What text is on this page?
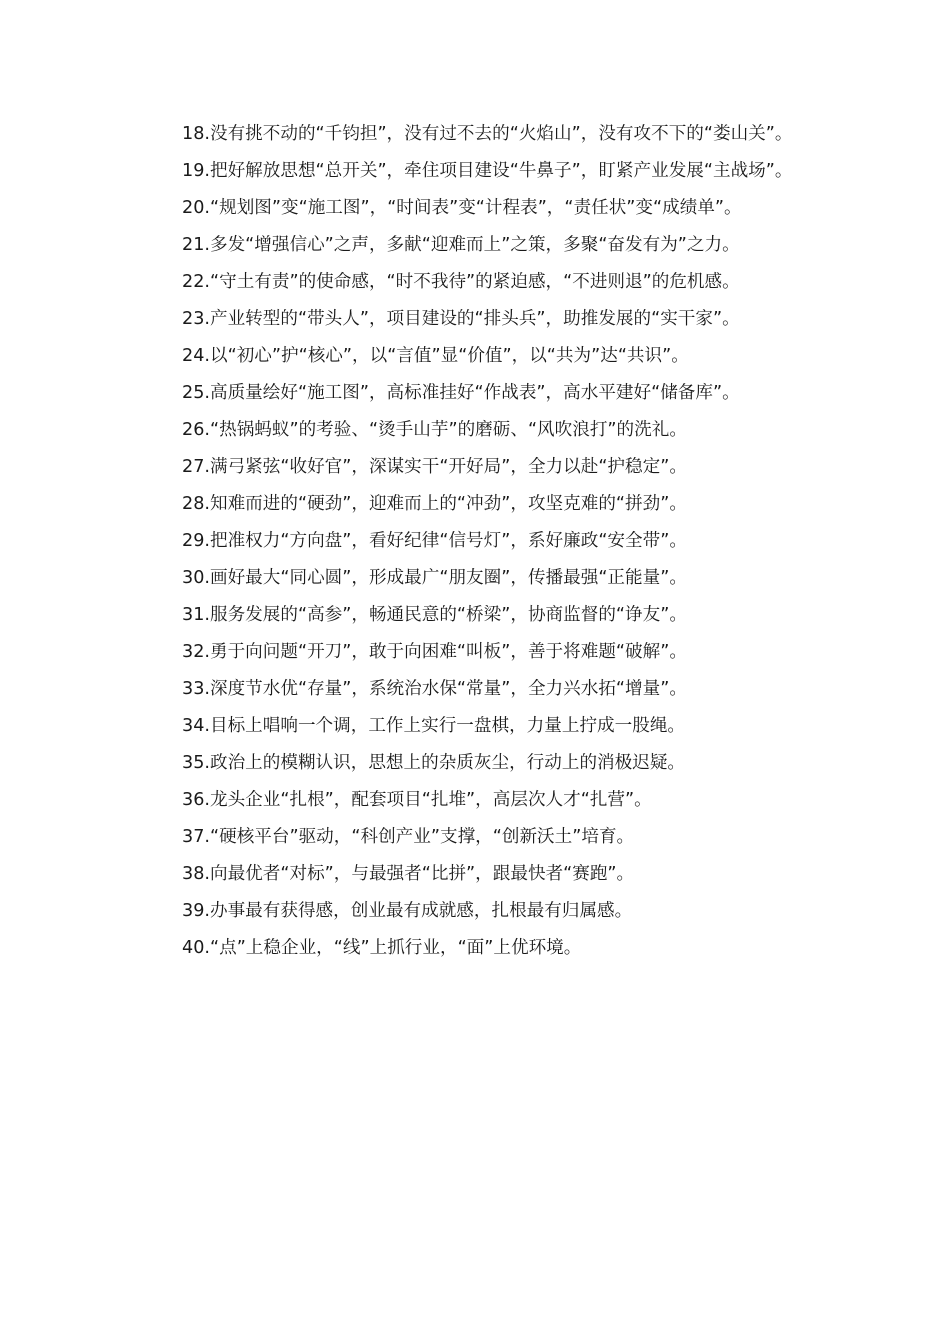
18.没有挑不动的“千钧担”，没有过不去的“火焰山”，没有攻不下的“娄山关”。

19.把好解放思想“总开关”，牵住项目建设“牛鼻子”，盯紧产业发展“主战场”。

20.“规划图”变“施工图”，“时间表”变“计程表”，“责任状”变“成绩单”。

21.多发“增强信心”之声，多献“迎难而上”之策，多聚“奋发有为”之力。

22.“守土有责”的使命感，“时不我待”的紧迫感，“不进则退”的危机感。

23.产业转型的“带头人”，项目建设的“排头兵”，助推发展的“实干家”。

24.以“初心”护“核心”，以“言值”显“价值”，以“共为”达“共识”。

25.高质量绘好“施工图”，高标准挂好“作战表”，高水平建好“储备库”。

26.“热锅蚂蚁”的考验、“烫手山芋”的磨砺、“风吹浪打”的洗礼。

27.满弓紧弦“收好官”，深谋实干“开好局”，全力以赴“护稳定”。

28.知难而进的“硬劲”，迎难而上的“冲劲”，攻坚克难的“拼劲”。

29.把准权力“方向盘”，看好纪律“信号灯”，系好廉政“安全带”。

30.画好最大“同心圆”，形成最广“朋友圈”，传播最强“正能量”。

31.服务发展的“高参”，畅通民意的“桥梁”，协商监督的“诤友”。

32.勇于向问题“开刀”，敢于向困难“叫板”，善于将难题“破解”。

33.深度节水优“存量”，系统治水保“常量”，全力兴水拓“增量”。

34.目标上唱响一个调，工作上实行一盘棋，力量上拧成一股绳。

35.政治上的模糊认识，思想上的杂质灰尘，行动上的消极迟疑。

36.龙头企业“扎根”，配套项目“扎堆”，高层次人才“扎营”。

37.“硬核平台”驱动，“科创产业”支撑，“创新沃土”培育。

38.向最优者“对标”，与最强者“比拼”，跟最快者“赛跑”。

39.办事最有获得感，创业最有成就感，扎根最有归属感。

40.“点”上稳企业，“线”上抓行业，“面”上优环境。
